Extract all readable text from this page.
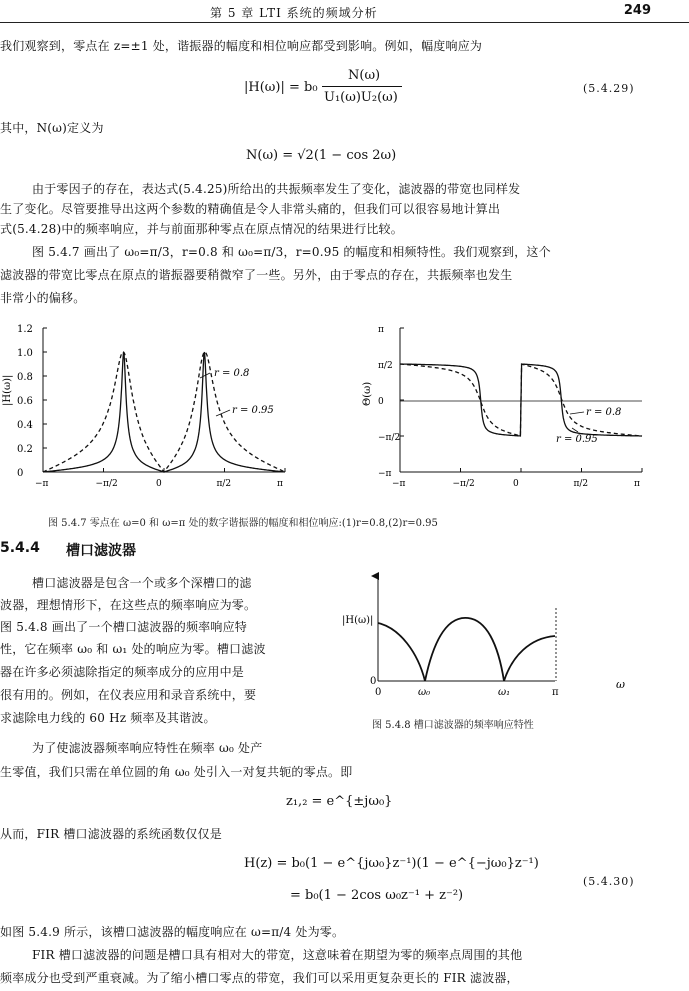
第 5 章 LTI 系统的频域分析	249
我们观察到，零点在 z=±1 处，谐振器的幅度和相位响应都受到影响。例如，幅度响应为
|H(ω)| = b₀
N(ω)
U₁(ω)U₂(ω)
(5.4.29)
其中，N(ω)定义为
N(ω) = √2(1 − cos 2ω)
由于零因子的存在，表达式(5.4.25)所给出的共振频率发生了变化，滤波器的带宽也同样发
生了变化。尽管要推导出这两个参数的精确值是令人非常头痛的，但我们可以很容易地计算出
式(5.4.28)中的频率响应，并与前面那种零点在原点情况的结果进行比较。
图 5.4.7 画出了 ω₀=π/3，r=0.8 和 ω₀=π/3，r=0.95 的幅度和相频特性。我们观察到，这个
滤波器的带宽比零点在原点的谐振器要稍微窄了一些。另外，由于零点的存在，共振频率也发生
非常小的偏移。
|H(ω)|
1.2
1.0
0.8
0.6
0.4
0.2
0
−π	−π/2	0	π/2	π
r = 0.8
r = 0.95
Θ(ω)
π
π/2
0
−π/2
−π
−π	−π/2	0	π/2	π
r = 0.8
r = 0.95
图 5.4.7 零点在 ω=0 和 ω=π 处的数字谐振器的幅度和相位响应:(1)r=0.8,(2)r=0.95
5.4.4 槽口滤波器
槽口滤波器是包含一个或多个深槽口的滤
波器，理想情形下，在这些点的频率响应为零。
图 5.4.8 画出了一个槽口滤波器的频率响应特
性，它在频率 ω₀ 和 ω₁ 处的响应为零。槽口滤波
器在许多必须滤除指定的频率成分的应用中是
很有用的。例如，在仪表应用和录音系统中，要
求滤除电力线的 60 Hz 频率及其谐波。
|H(ω)|
0
0	ω₀	ω₁	π
ω
图 5.4.8 槽口滤波器的频率响应特性
为了使滤波器频率响应特性在频率 ω₀ 处产
生零值，我们只需在单位圆的角 ω₀ 处引入一对复共轭的零点。即
z₁,₂ = e^{±jω₀}
从而，FIR 槽口滤波器的系统函数仅仅是
H(z) = b₀(1 − e^{jω₀}z⁻¹)(1 − e^{−jω₀}z⁻¹)
= b₀(1 − 2cos ω₀z⁻¹ + z⁻²)
(5.4.30)
如图 5.4.9 所示，该槽口滤波器的幅度响应在 ω=π/4 处为零。
FIR 槽口滤波器的问题是槽口具有相对大的带宽，这意味着在期望为零的频率点周围的其他
频率成分也受到严重衰减。为了缩小槽口零点的带宽，我们可以采用更复杂更长的 FIR 滤波器，
